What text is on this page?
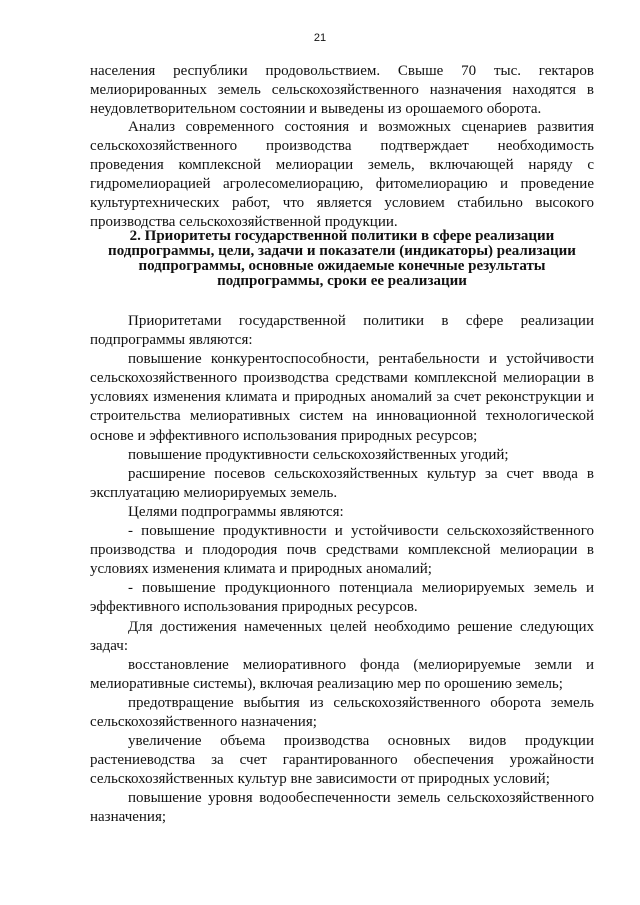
21

населения республики продовольствием. Свыше 70 тыс. гектаров мелиорированных земель сельскохозяйственного назначения находятся в неудовлетворительном состоянии и выведены из орошаемого оборота.

Анализ современного состояния и возможных сценариев развития сельскохозяйственного производства подтверждает необходимость проведения комплексной мелиорации земель, включающей наряду с гидромелиорацией агролесомелиорацию, фитомелиорацию и проведение культуртехнических работ, что является условием стабильно высокого производства сельскохозяйственной продукции.

2. Приоритеты государственной политики в сфере реализации
подпрограммы, цели, задачи и показатели (индикаторы) реализации
подпрограммы, основные ожидаемые конечные результаты
подпрограммы, сроки ее реализации

Приоритетами государственной политики в сфере реализации подпрограммы являются:

повышение конкурентоспособности, рентабельности и устойчивости сельскохозяйственного производства средствами комплексной мелиорации в условиях изменения климата и природных аномалий за счет реконструкции и строительства мелиоративных систем на инновационной технологической основе и эффективного использования природных ресурсов;

повышение продуктивности сельскохозяйственных угодий;

расширение посевов сельскохозяйственных культур за счет ввода в эксплуатацию мелиорируемых земель.

Целями подпрограммы являются:

- повышение продуктивности и устойчивости сельскохозяйственного производства и плодородия почв средствами комплексной мелиорации в условиях изменения климата и природных аномалий;

- повышение продукционного потенциала мелиорируемых земель и эффективного использования природных ресурсов.

Для достижения намеченных целей необходимо решение следующих задач:

восстановление мелиоративного фонда (мелиорируемые земли и мелиоративные системы), включая реализацию мер по орошению земель;

предотвращение выбытия из сельскохозяйственного оборота земель сельскохозяйственного назначения;

увеличение объема производства основных видов продукции растениеводства за счет гарантированного обеспечения урожайности сельскохозяйственных культур вне зависимости от природных условий;

повышение уровня водообеспеченности земель сельскохозяйственного назначения;
